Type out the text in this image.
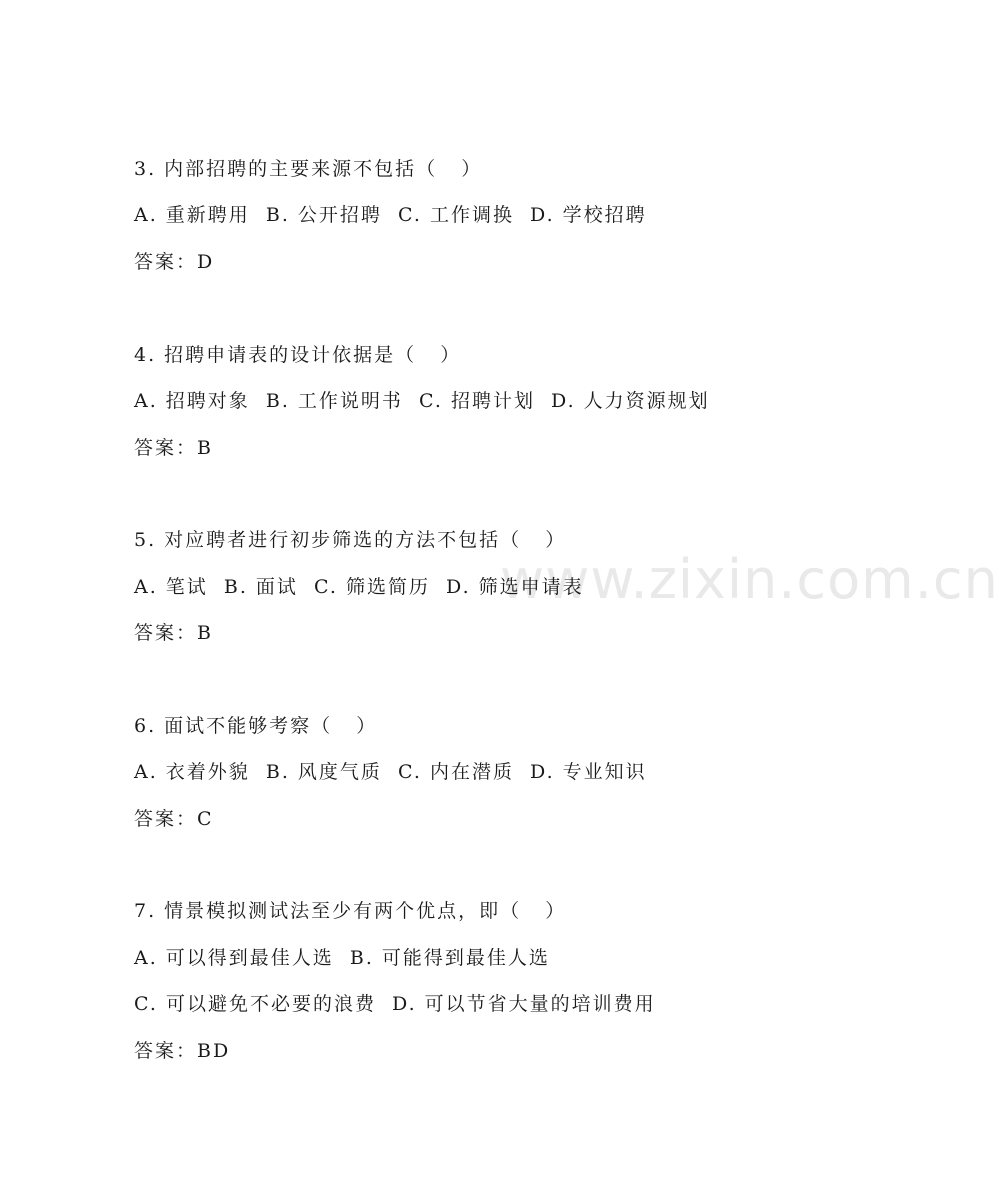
www.zixin.com.cn
3. 内部招聘的主要来源不包括（   ）
A. 重新聘用  B. 公开招聘  C. 工作调换  D. 学校招聘
答案：D
4. 招聘申请表的设计依据是（   ）
A. 招聘对象  B. 工作说明书  C. 招聘计划  D. 人力资源规划
答案：B
5. 对应聘者进行初步筛选的方法不包括（   ）
A. 笔试  B. 面试  C. 筛选简历  D. 筛选申请表
答案：B
6. 面试不能够考察（   ）
A. 衣着外貌  B. 风度气质  C. 内在潜质  D. 专业知识
答案：C
7. 情景模拟测试法至少有两个优点，即（   ）
A. 可以得到最佳人选  B. 可能得到最佳人选
C. 可以避免不必要的浪费  D. 可以节省大量的培训费用
答案：BD
